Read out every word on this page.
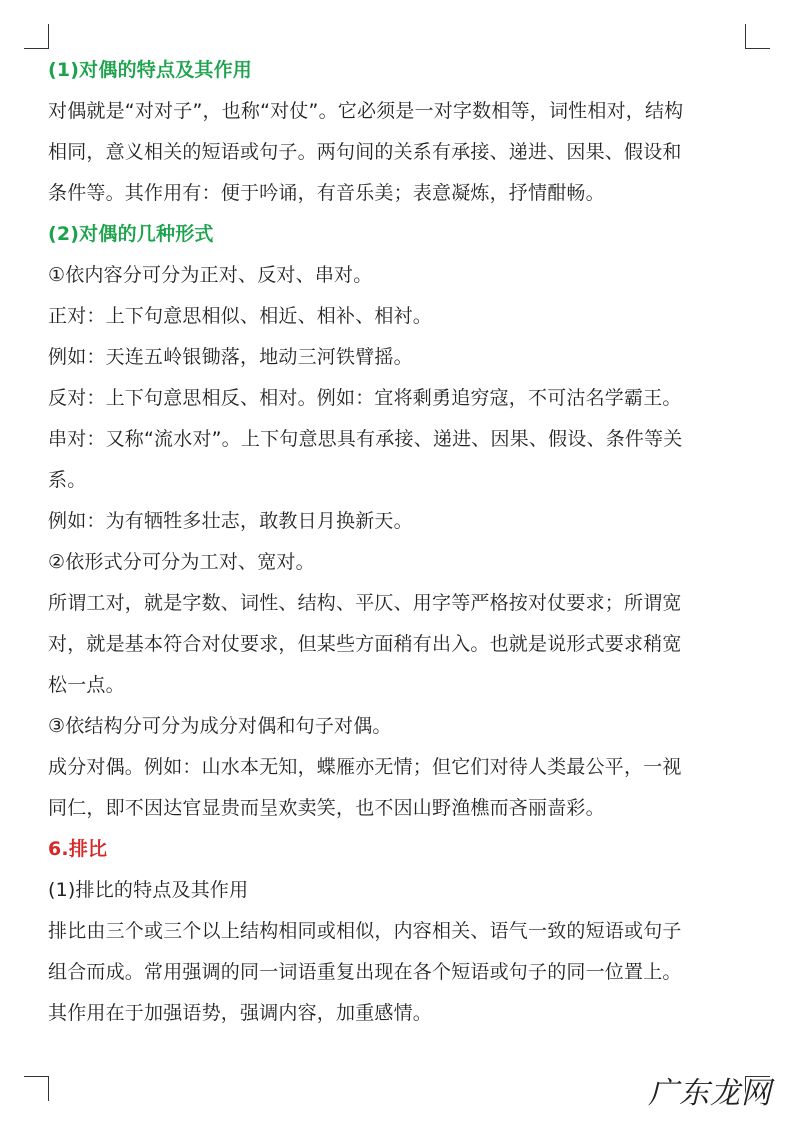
(1)对偶的特点及其作用
对偶就是“对对子”，也称“对仗”。它必须是一对字数相等，词性相对，结构
相同，意义相关的短语或句子。两句间的关系有承接、递进、因果、假设和
条件等。其作用有：便于吟诵，有音乐美；表意凝炼，抒情酣畅。
(2)对偶的几种形式
①依内容分可分为正对、反对、串对。
正对：上下句意思相似、相近、相补、相衬。
例如：天连五岭银锄落，地动三河铁臂摇。
反对：上下句意思相反、相对。例如：宜将剩勇追穷寇，不可沽名学霸王。
串对：又称“流水对”。上下句意思具有承接、递进、因果、假设、条件等关
系。
例如：为有牺牲多壮志，敢教日月换新天。
②依形式分可分为工对、宽对。
所谓工对，就是字数、词性、结构、平仄、用字等严格按对仗要求；所谓宽
对，就是基本符合对仗要求，但某些方面稍有出入。也就是说形式要求稍宽
松一点。
③依结构分可分为成分对偶和句子对偶。
成分对偶。例如：山水本无知，蝶雁亦无情；但它们对待人类最公平，一视
同仁，即不因达官显贵而呈欢卖笑，也不因山野渔樵而吝丽啬彩。
6.排比
(1)排比的特点及其作用
排比由三个或三个以上结构相同或相似，内容相关、语气一致的短语或句子
组合而成。常用强调的同一词语重复出现在各个短语或句子的同一位置上。
其作用在于加强语势，强调内容，加重感情。
广东龙网
